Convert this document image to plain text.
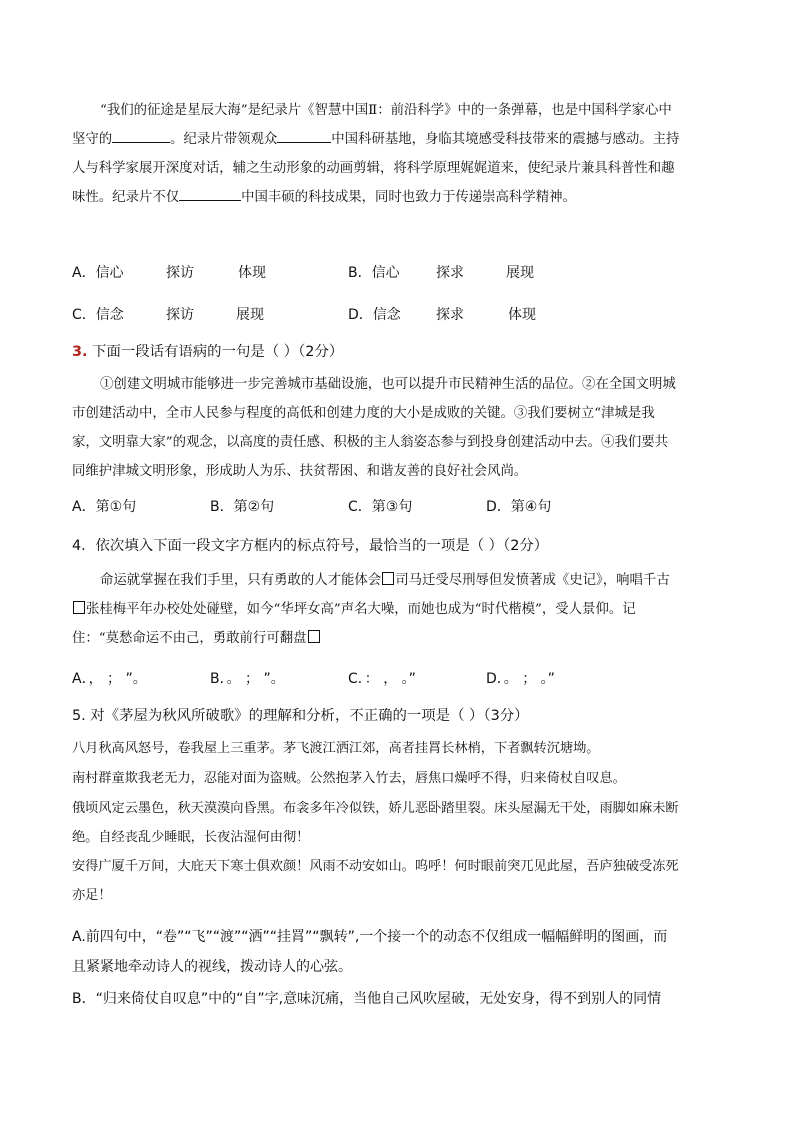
“我们的征途是星辰大海”是纪录片《智慧中国Ⅱ：前沿科学》中的一条弹幕，也是中国科学家心中坚守的	。纪录片带领观众	中国科研基地，身临其境感受科技带来的震撼与感动。主持人与科学家展开深度对话，辅之生动形象的动画剪辑，将科学原理娓娓道来，使纪录片兼具科普性和趣味性。纪录片不仅	中国丰硕的科技成果，同时也致力于传递崇高科学精神。

A．信心	探访	体现	B．信心	探求	展现
C．信念	探访	展现	D．信念	探求	体现
3. 下面一段话有语病的一句是（ ）（2分）

①创建文明城市能够进一步完善城市基础设施，也可以提升市民精神生活的品位。②在全国文明城市创建活动中，全市人民参与程度的高低和创建力度的大小是成败的关键。③我们要树立“津城是我家，文明靠大家”的观念，以高度的责任感、积极的主人翁姿态参与到投身创建活动中去。④我们要共同维护津城文明形象，形成助人为乐、扶贫帮困、和谐友善的良好社会风尚。

A．第①句	B．第②句	C．第③句	D．第④句
4．依次填入下面一段文字方框内的标点符号，最恰当的一项是（ ）（2分）

命运就掌握在我们手里，只有勇敢的人才能体会 司马迁受尽刑辱但发愤著成《史记》，响唱千古张桂梅平年办校处处碰壁，如今“华坪女高”声名大噪，而她也成为“时代楷模”，受人景仰。记住：“莫愁命运不由己，勇敢前行可翻盘

A．， ； ”。	B．。 ； ”。	C．： ， 。”	D．。 ； 。”
5. 对《茅屋为秋风所破歌》的理解和分析，不正确的一项是（ ）（3分）

八月秋高风怒号，卷我屋上三重茅。茅飞渡江洒江郊，高者挂罥长林梢，下者飘转沉塘坳。

南村群童欺我老无力，忍能对面为盗贼。公然抱茅入竹去，唇焦口燥呼不得，归来倚杖自叹息。

俄顷风定云墨色，秋天漠漠向昏黑。布衾多年冷似铁，娇儿恶卧踏里裂。床头屋漏无干处，雨脚如麻未断绝。自经丧乱少睡眠，长夜沾湿何由彻！

安得广厦千万间，大庇天下寒士俱欢颜！风雨不动安如山。呜呼！何时眼前突兀见此屋，吾庐独破受冻死亦足！

A.前四句中，“卷”“飞”“渡”“洒”“挂罥”“飘转”,一个接一个的动态不仅组成一幅幅鲜明的图画，而且紧紧地牵动诗人的视线，拨动诗人的心弦。

B．“归来倚仗自叹息”中的“自”字,意味沉痛，当他自己风吹屋破，无处安身，得不到别人的同情
